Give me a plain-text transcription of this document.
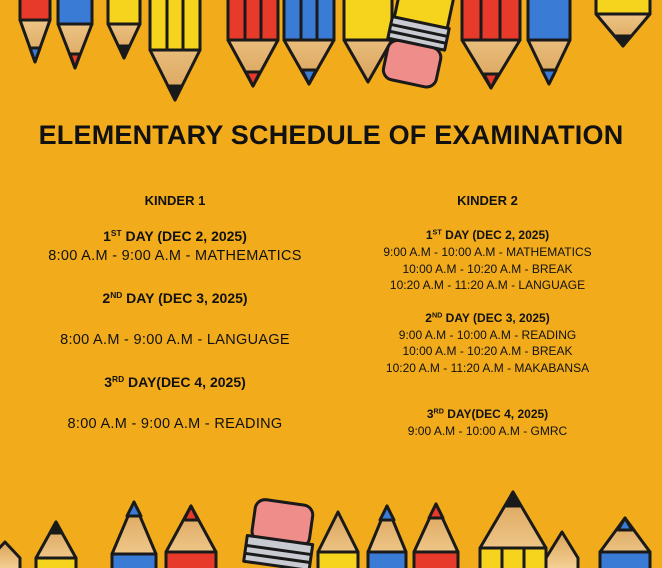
ELEMENTARY SCHEDULE OF EXAMINATION
KINDER 1
1ST DAY (DEC 2, 2025)
8:00 A.M - 9:00 A.M - MATHEMATICS
2ND DAY (DEC 3, 2025)
8:00 A.M - 9:00 A.M - LANGUAGE
3RD DAY(DEC 4, 2025)
8:00 A.M - 9:00 A.M - READING
KINDER 2
1ST DAY (DEC 2, 2025)
9:00 A.M - 10:00 A.M - MATHEMATICS
10:00 A.M - 10:20 A.M - BREAK
10:20 A.M - 11:20 A.M - LANGUAGE
2ND DAY (DEC 3, 2025)
9:00 A.M - 10:00 A.M - READING
10:00 A.M - 10:20 A.M - BREAK
10:20 A.M - 11:20 A.M - MAKABANSA
3RD DAY(DEC 4, 2025)
9:00 A.M - 10:00 A.M - GMRC
